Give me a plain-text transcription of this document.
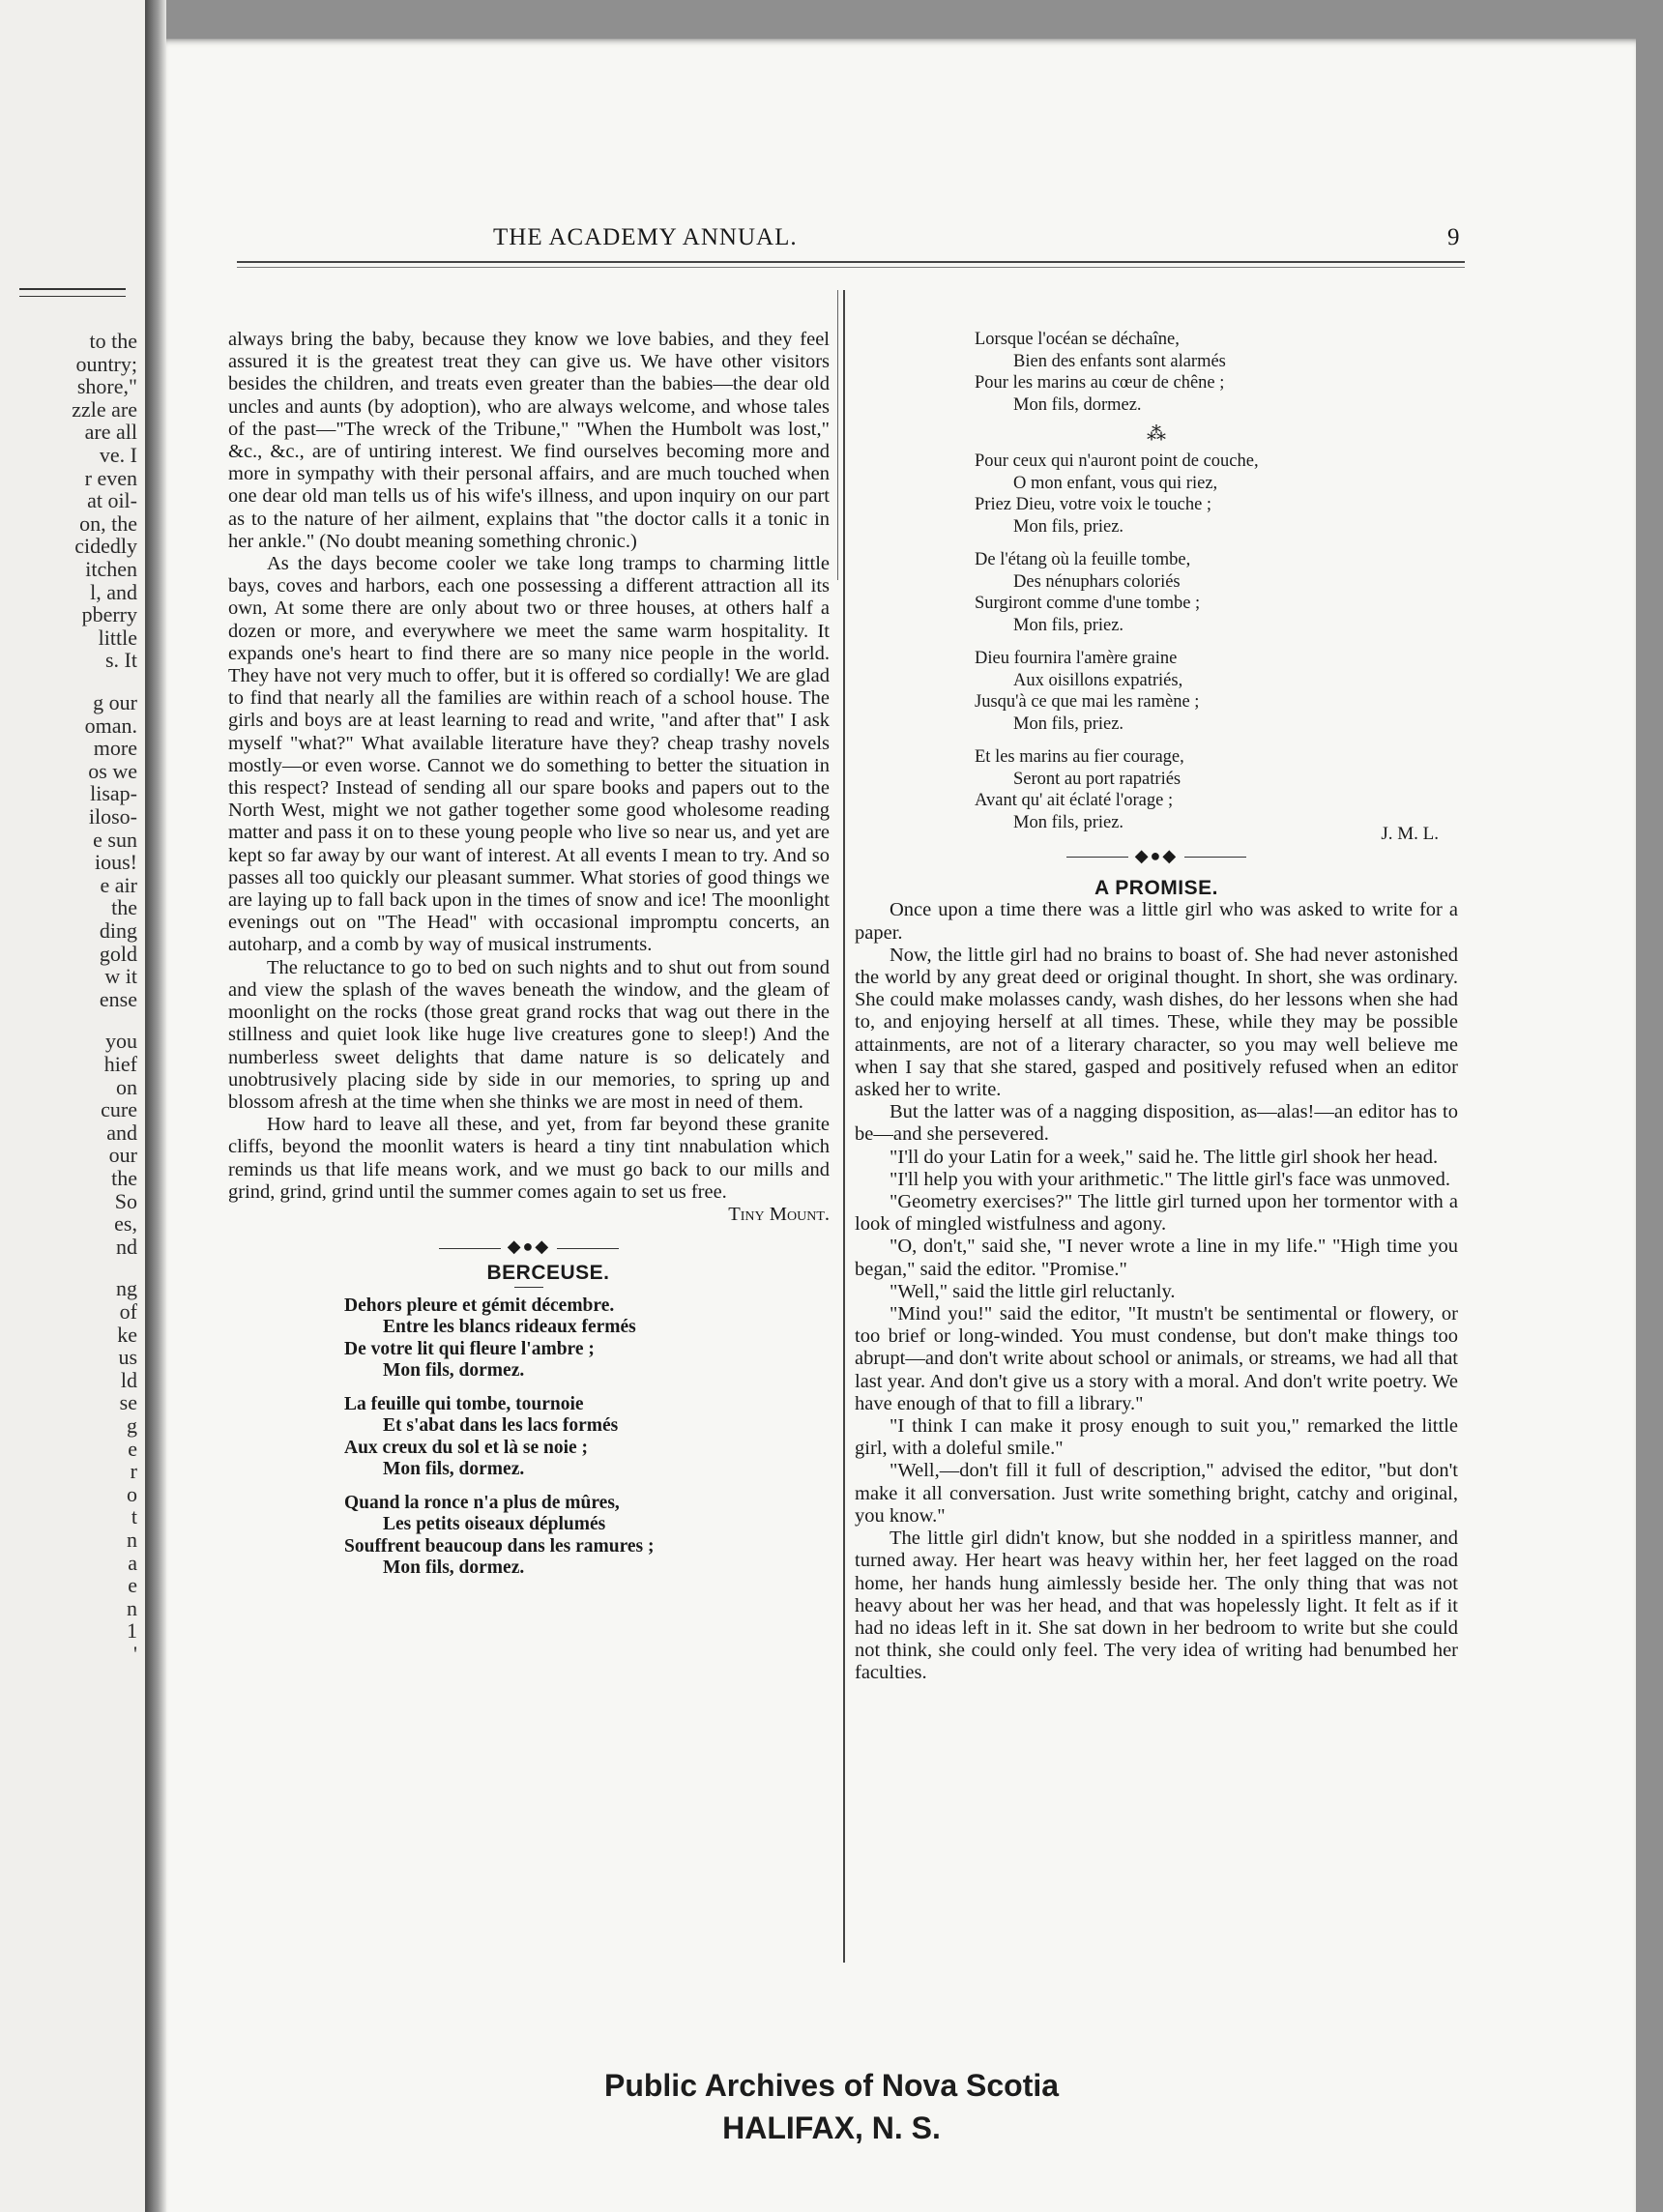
to the
ountry;
shore,"
zzle are
are all
ve. I
r even
at oil-
on, the
cidedly
itchen
l, and
pberry
little
s. It
g our
oman.
more
os we
lisap-
iloso-
e sun
ious!
e air
the
ding
gold
w it
ense
you
hief
on
cure
and
our
the
So
es,
nd
ng
of
ke
us
ld
se
g
e
r
o
t
n
a
e
n
1
'
THE ACADEMY ANNUAL.	9

always bring the baby, because they know we love babies, and they feel assured it is the greatest treat they can give us. We have other visitors besides the children, and treats even greater than the babies—the dear old uncles and aunts (by adoption), who are always welcome, and whose tales of the past—"The wreck of the Tribune," "When the Humbolt was lost," &c., &c., are of untiring interest. We find ourselves becoming more and more in sympathy with their personal affairs, and are much touched when one dear old man tells us of his wife's illness, and upon inquiry on our part as to the nature of her ailment, explains that "the doctor calls it a tonic in her ankle." (No doubt meaning something chronic.)

As the days become cooler we take long tramps to charming little bays, coves and harbors, each one possessing a different attraction all its own, At some there are only about two or three houses, at others half a dozen or more, and everywhere we meet the same warm hospitality. It expands one's heart to find there are so many nice people in the world. They have not very much to offer, but it is offered so cordially! We are glad to find that nearly all the families are within reach of a school house. The girls and boys are at least learning to read and write, "and after that" I ask myself "what?" What available literature have they? cheap trashy novels mostly—or even worse. Cannot we do something to better the situation in this respect? Instead of sending all our spare books and papers out to the North West, might we not gather together some good wholesome reading matter and pass it on to these young people who live so near us, and yet are kept so far away by our want of interest. At all events I mean to try. And so passes all too quickly our pleasant summer. What stories of good things we are laying up to fall back upon in the times of snow and ice! The moonlight evenings out on "The Head" with occasional impromptu concerts, an autoharp, and a comb by way of musical instruments.

The reluctance to go to bed on such nights and to shut out from sound and view the splash of the waves beneath the window, and the gleam of moonlight on the rocks (those great grand rocks that wag out there in the stillness and quiet look like huge live creatures gone to sleep!) And the numberless sweet delights that dame nature is so delicately and unobtrusively placing side by side in our memories, to spring up and blossom afresh at the time when she thinks we are most in need of them.

How hard to leave all these, and yet, from far beyond these granite cliffs, beyond the moonlit waters is heard a tiny tint nnabulation which reminds us that life means work, and we must go back to our mills and grind, grind, grind until the summer comes again to set us free.

Tiny Mount.

◆●◆

BERCEUSE.

Dehors pleure et gémit décembre.
Entre les blancs rideaux fermés
De votre lit qui fleure l'ambre ;
Mon fils, dormez.
La feuille qui tombe, tournoie
Et s'abat dans les lacs formés
Aux creux du sol et là se noie ;
Mon fils, dormez.
Quand la ronce n'a plus de mûres,
Les petits oiseaux déplumés
Souffrent beaucoup dans les ramures ;
Mon fils, dormez.
Lorsque l'océan se déchaîne,
Bien des enfants sont alarmés
Pour les marins au cœur de chêne ;
Mon fils, dormez.
⁂
Pour ceux qui n'auront point de couche,
O mon enfant, vous qui riez,
Priez Dieu, votre voix le touche ;
Mon fils, priez.
De l'étang où la feuille tombe,
Des nénuphars coloriés
Surgiront comme d'une tombe ;
Mon fils, priez.
Dieu fournira l'amère graine
Aux oisillons expatriés,
Jusqu'à ce que mai les ramène ;
Mon fils, priez.
Et les marins au fier courage,
Seront au port rapatriés
Avant qu' ait éclaté l'orage ;
Mon fils, priez.
J. M. L.
◆●◆

A PROMISE.

Once upon a time there was a little girl who was asked to write for a paper.

Now, the little girl had no brains to boast of. She had never astonished the world by any great deed or original thought. In short, she was ordinary. She could make molasses candy, wash dishes, do her lessons when she had to, and enjoying herself at all times. These, while they may be possible attainments, are not of a literary character, so you may well believe me when I say that she stared, gasped and positively refused when an editor asked her to write.

But the latter was of a nagging disposition, as—alas!—an editor has to be—and she persevered.

"I'll do your Latin for a week," said he. The little girl shook her head.

"I'll help you with your arithmetic." The little girl's face was unmoved.

"Geometry exercises?" The little girl turned upon her tormentor with a look of mingled wistfulness and agony.

"O, don't," said she, "I never wrote a line in my life." "High time you began," said the editor. "Promise."

"Well," said the little girl reluctanly.

"Mind you!" said the editor, "It mustn't be sentimental or flowery, or too brief or long-winded. You must condense, but don't make things too abrupt—and don't write about school or animals, or streams, we had all that last year. And don't give us a story with a moral. And don't write poetry. We have enough of that to fill a library."

"I think I can make it prosy enough to suit you," remarked the little girl, with a doleful smile."

"Well,—don't fill it full of description," advised the editor, "but don't make it all conversation. Just write something bright, catchy and original, you know."

The little girl didn't know, but she nodded in a spiritless manner, and turned away. Her heart was heavy within her, her feet lagged on the road home, her hands hung aimlessly beside her. The only thing that was not heavy about her was her head, and that was hopelessly light. It felt as if it had no ideas left in it. She sat down in her bedroom to write but she could not think, she could only feel. The very idea of writing had benumbed her faculties.

Public Archives of Nova Scotia
HALIFAX, N. S.
